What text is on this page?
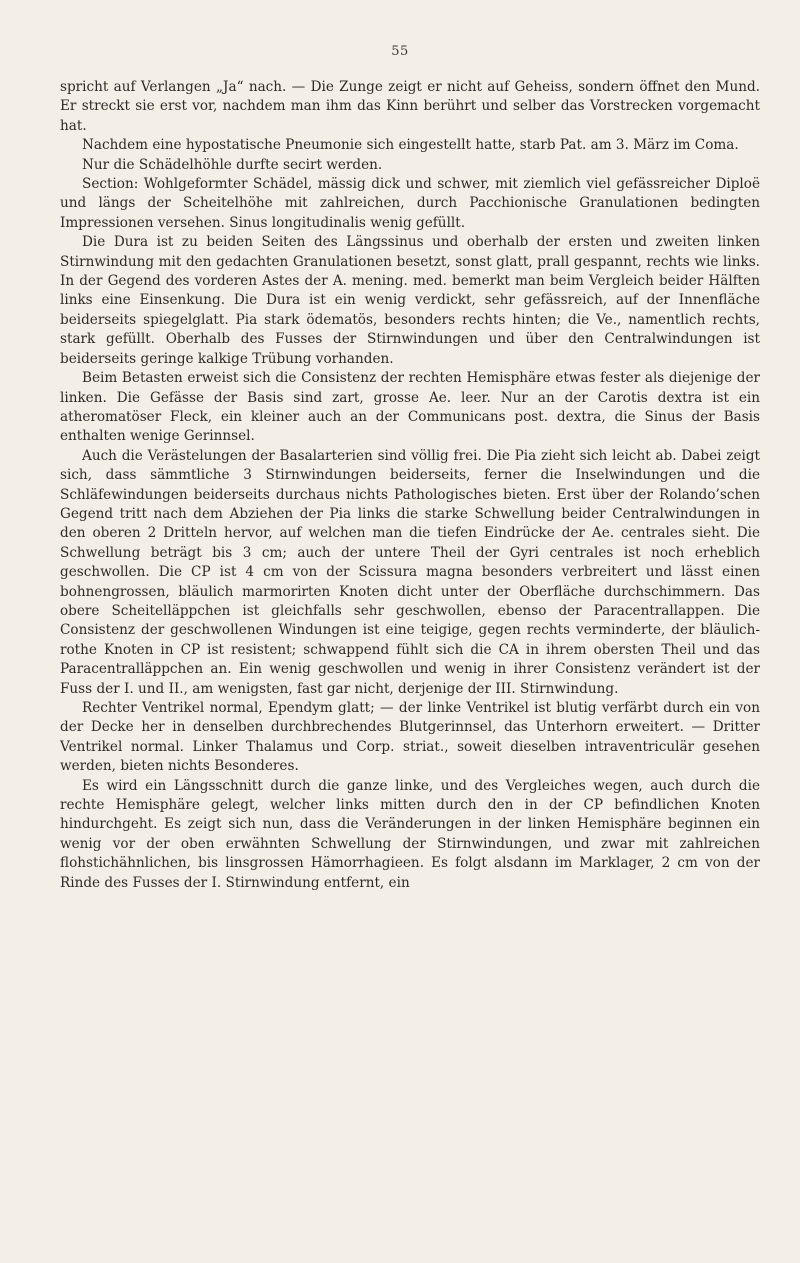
55

spricht auf Verlangen „Ja“ nach. — Die Zunge zeigt er nicht auf Geheiss, sondern öffnet den Mund. Er streckt sie erst vor, nachdem man ihm das Kinn berührt und selber das Vorstrecken vorgemacht hat.

Nachdem eine hypostatische Pneumonie sich eingestellt hatte, starb Pat. am 3. März im Coma.

Nur die Schädelhöhle durfte secirt werden.

Section: Wohlgeformter Schädel, mässig dick und schwer, mit ziemlich viel gefässreicher Diploë und längs der Scheitelhöhe mit zahlreichen, durch Pacchionische Granulationen bedingten Impressionen versehen. Sinus longitudinalis wenig gefüllt.

Die Dura ist zu beiden Seiten des Längssinus und oberhalb der ersten und zweiten linken Stirnwindung mit den gedachten Granulationen besetzt, sonst glatt, prall gespannt, rechts wie links. In der Gegend des vorderen Astes der A. mening. med. bemerkt man beim Vergleich beider Hälften links eine Einsenkung. Die Dura ist ein wenig verdickt, sehr gefässreich, auf der Innenfläche beiderseits spiegelglatt. Pia stark ödematös, besonders rechts hinten; die Ve., namentlich rechts, stark gefüllt. Oberhalb des Fusses der Stirnwindungen und über den Centralwindungen ist beiderseits geringe kalkige Trübung vorhanden.

Beim Betasten erweist sich die Consistenz der rechten Hemisphäre etwas fester als diejenige der linken. Die Gefässe der Basis sind zart, grosse Ae. leer. Nur an der Carotis dextra ist ein atheromatöser Fleck, ein kleiner auch an der Communicans post. dextra, die Sinus der Basis enthalten wenige Gerinnsel.

Auch die Verästelungen der Basalarterien sind völlig frei. Die Pia zieht sich leicht ab. Dabei zeigt sich, dass sämmtliche 3 Stirnwindungen beiderseits, ferner die Inselwindungen und die Schläfewindungen beiderseits durchaus nichts Pathologisches bieten. Erst über der Rolando’schen Gegend tritt nach dem Abziehen der Pia links die starke Schwellung beider Centralwindungen in den oberen 2 Dritteln hervor, auf welchen man die tiefen Eindrücke der Ae. centrales sieht. Die Schwellung beträgt bis 3 cm; auch der untere Theil der Gyri centrales ist noch erheblich geschwollen. Die CP ist 4 cm von der Scissura magna besonders verbreitert und lässt einen bohnengrossen, bläulich marmorirten Knoten dicht unter der Oberfläche durchschimmern. Das obere Scheitelläppchen ist gleichfalls sehr geschwollen, ebenso der Paracentrallappen. Die Consistenz der geschwollenen Windungen ist eine teigige, gegen rechts verminderte, der bläulich-rothe Knoten in CP ist resistent; schwappend fühlt sich die CA in ihrem obersten Theil und das Paracentralläppchen an. Ein wenig geschwollen und wenig in ihrer Consistenz verändert ist der Fuss der I. und II., am wenigsten, fast gar nicht, derjenige der III. Stirnwindung.

Rechter Ventrikel normal, Ependym glatt; — der linke Ventrikel ist blutig verfärbt durch ein von der Decke her in denselben durchbrechendes Blutgerinnsel, das Unterhorn erweitert. — Dritter Ventrikel normal. Linker Thalamus und Corp. striat., soweit dieselben intraventriculär gesehen werden, bieten nichts Besonderes.

Es wird ein Längsschnitt durch die ganze linke, und des Vergleiches wegen, auch durch die rechte Hemisphäre gelegt, welcher links mitten durch den in der CP befindlichen Knoten hindurchgeht. Es zeigt sich nun, dass die Veränderungen in der linken Hemisphäre beginnen ein wenig vor der oben erwähnten Schwellung der Stirnwindungen, und zwar mit zahlreichen flohstichähnlichen, bis linsgrossen Hämorrhagieen. Es folgt alsdann im Marklager, 2 cm von der Rinde des Fusses der I. Stirnwindung entfernt, ein
